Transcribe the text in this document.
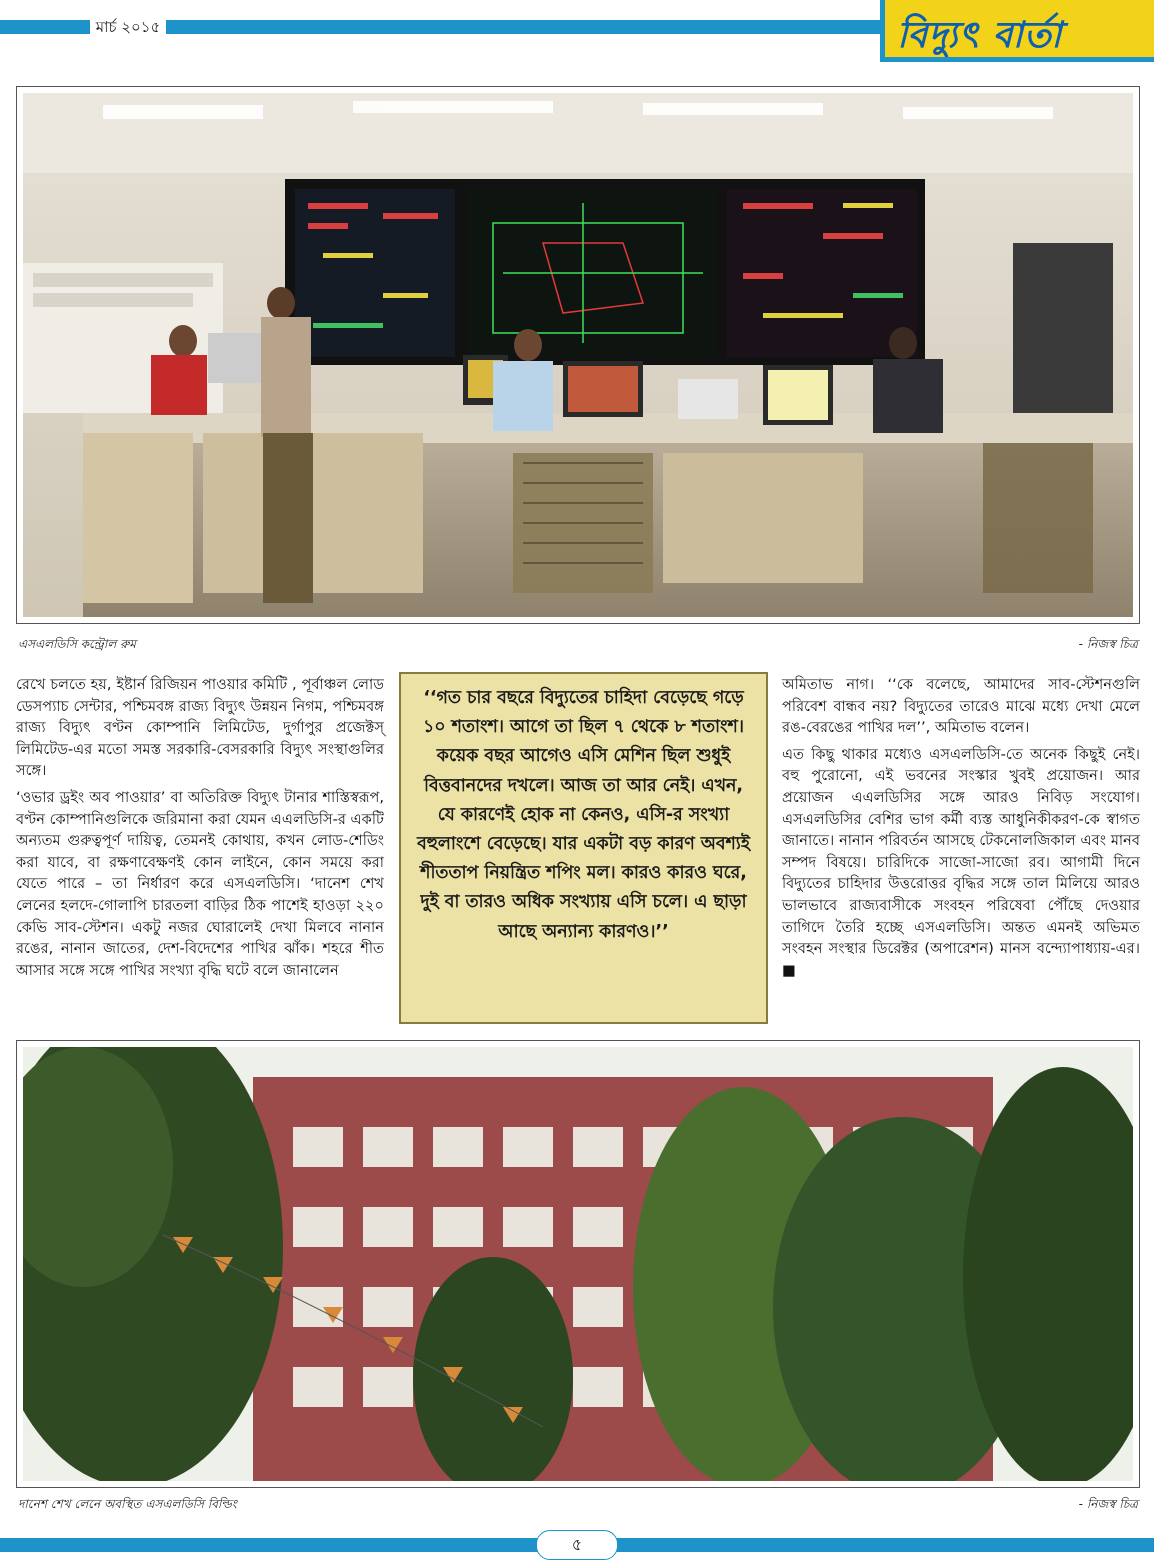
মার্চ ২০১৫	বিদ্যুৎ বার্তা
এসএলডিসি কন্ট্রোল রুম	- নিজস্ব চিত্র

রেখে চলতে হয়, ইষ্টার্ন রিজিয়ন পাওয়ার কমিটি , পূর্বাঞ্চল লোড ডেসপ্যাচ সেন্টার, পশ্চিমবঙ্গ রাজ্য বিদ্যুৎ উন্নয়ন নিগম, পশ্চিমবঙ্গ রাজ্য বিদ্যুৎ বণ্টন কোম্পানি লিমিটেড, দুর্গাপুর প্রজেক্টস্ লিমিটেড-এর মতো সমস্ত সরকারি-বেসরকারি বিদ্যুৎ সংস্থাগুলির সঙ্গে।

‘ওভার ড্রইং অব পাওয়ার’ বা অতিরিক্ত বিদ্যুৎ টানার শাস্তিস্বরূপ, বণ্টন কোম্পানিগুলিকে জরিমানা করা যেমন এএলডিসি-র একটি অন্যতম গুরুত্বপূর্ণ দায়িত্ব, তেমনই কোথায়, কখন লোড-শেডিং করা যাবে, বা রক্ষণাবেক্ষণই কোন লাইনে, কোন সময়ে করা যেতে পারে – তা নির্ধারণ করে এসএলডিসি। ‘দানেশ শেখ লেনের হলদে-গোলাপি চারতলা বাড়ির ঠিক পাশেই হাওড়া ২২০ কেভি সাব-স্টেশন। একটু নজর ঘোরালেই দেখা মিলবে নানান রঙের, নানান জাতের, দেশ-বিদেশের পাখির ঝাঁক। শহরে শীত আসার সঙ্গে সঙ্গে পাখির সংখ্যা বৃদ্ধি ঘটে বলে জানালেন

‘‘গত চার বছরে বিদ্যুতের চাহিদা বেড়েছে গড়ে ১০ শতাংশ। আগে তা ছিল ৭ থেকে ৮ শতাংশ। কয়েক বছর আগেও এসি মেশিন ছিল শুধুই বিত্তবানদের দখলে। আজ তা আর নেই। এখন, যে কারণেই হোক না কেনও, এসি-র সংখ্যা বহুলাংশে বেড়েছে। যার একটা বড় কারণ অবশ্যই শীততাপ নিয়ন্ত্রিত শপিং মল। কারও কারও ঘরে, দুই বা তারও অধিক সংখ্যায় এসি চলে। এ ছাড়া আছে অন্যান্য কারণও।’’

অমিতাভ নাগ। ‘‘কে বলেছে, আমাদের সাব-স্টেশনগুলি পরিবেশ বান্ধব নয়? বিদ্যুতের তারেও মাঝে মধ্যে দেখা মেলে রঙ-বেরঙের পাখির দল’’, অমিতাভ বলেন।

এত কিছু থাকার মধ্যেও এসএলডিসি-তে অনেক কিছুই নেই। বহু পুরোনো, এই ভবনের সংস্কার খুবই প্রয়োজন। আর প্রয়োজন এএলডিসির সঙ্গে আরও নিবিড় সংযোগ। এসএলডিসির বেশির ভাগ কর্মী ব্যস্ত আধুনিকীকরণ-কে স্বাগত জানাতে। নানান পরিবর্তন আসছে টেকনোলজিকাল এবং মানব সম্পদ বিষয়ে। চারিদিকে সাজো-সাজো রব। আগামী দিনে বিদ্যুতের চাহিদার উত্তরোত্তর বৃদ্ধির সঙ্গে তাল মিলিয়ে আরও ভালভাবে রাজ্যবাসীকে সংবহন পরিষেবা পৌঁছে দেওয়ার তাগিদে তৈরি হচ্ছে এসএলডিসি। অন্তত এমনই অভিমত সংবহন সংস্থার ডিরেক্টর (অপারেশন) মানস বন্দ্যোপাধ্যায়-এর। ■

দানেশ শেখ লেনে অবস্থিত এসএলডিসি বিল্ডিং	- নিজস্ব চিত্র
৫
